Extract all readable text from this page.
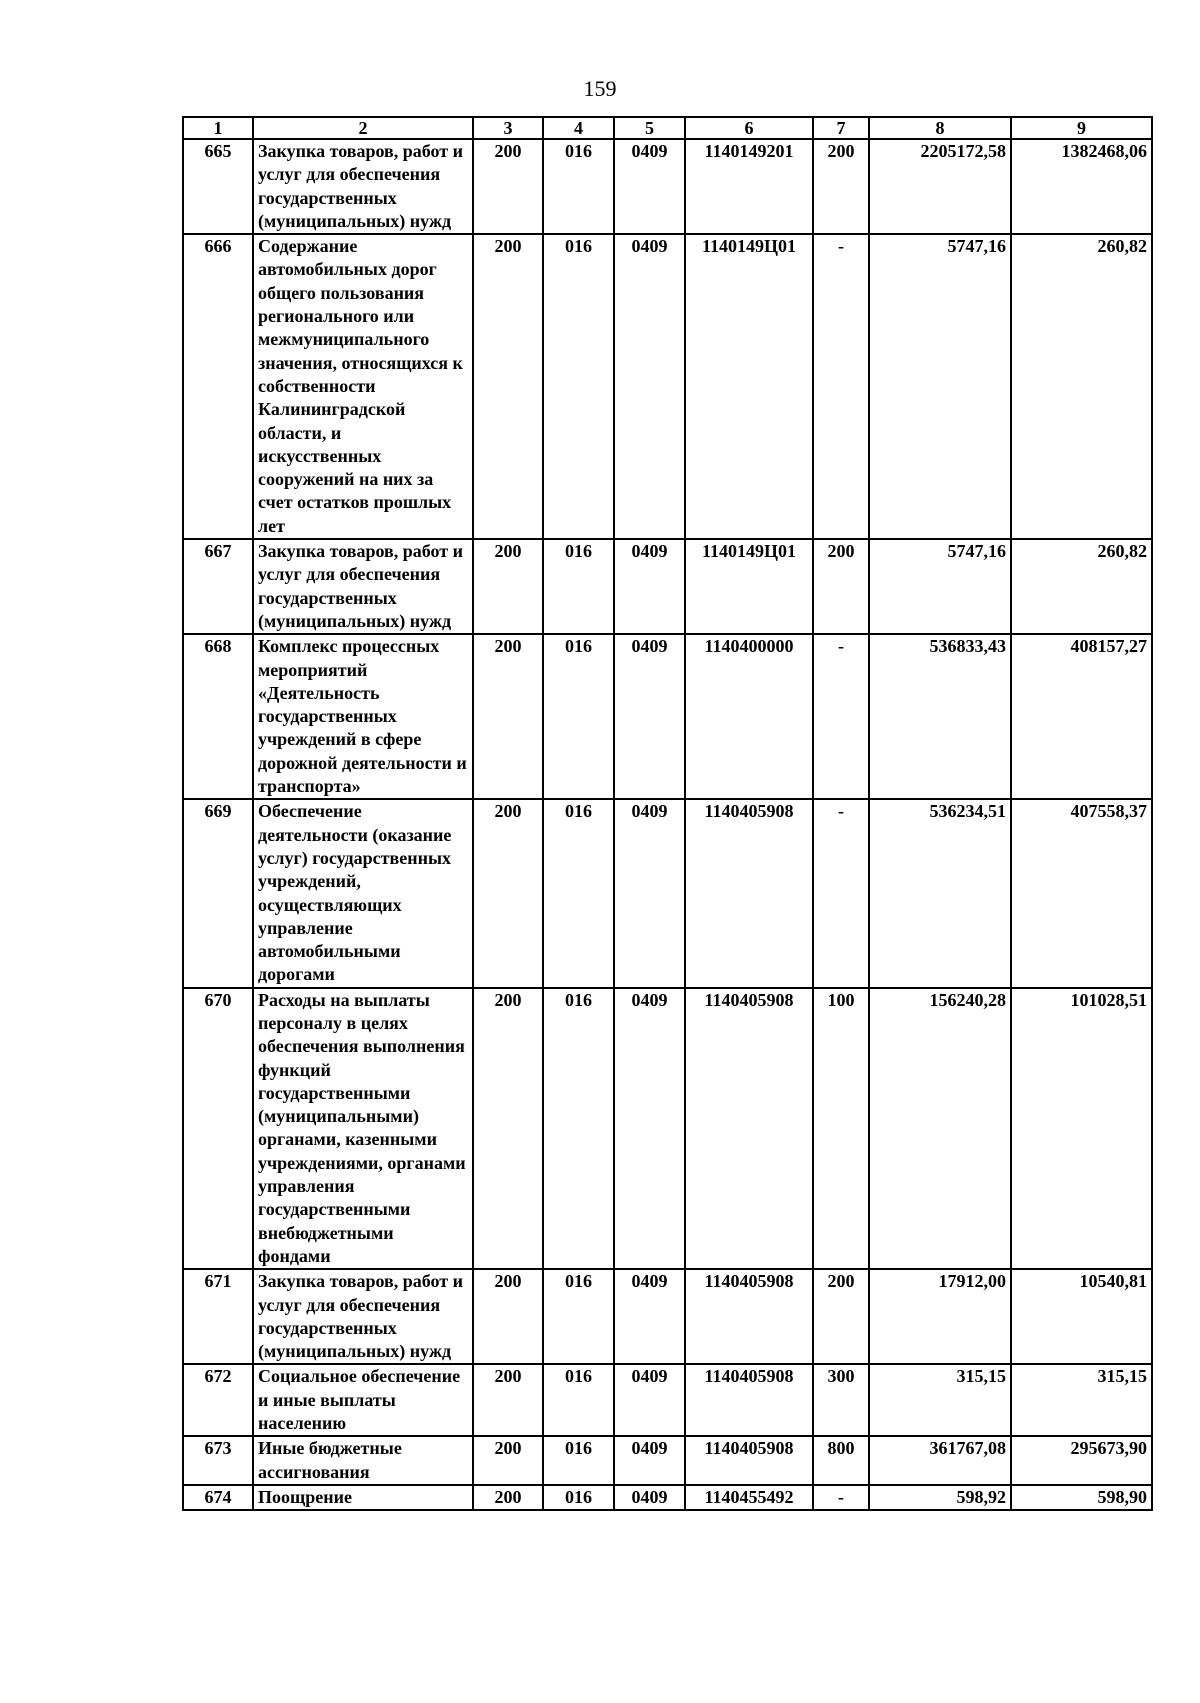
159
1	2	3	4	5	6	7	8	9
665	Закупка товаров, работ и услуг для обеспечения государственных (муниципальных) нужд	200	016	0409	1140149201	200	2205172,58	1382468,06
666	Содержание автомобильных дорог общего пользования регионального или межмуниципального значения, относящихся к собственности Калининградской области, и искусственных сооружений на них за счет остатков прошлых лет	200	016	0409	1140149Ц01	-	5747,16	260,82
667	Закупка товаров, работ и услуг для обеспечения государственных (муниципальных) нужд	200	016	0409	1140149Ц01	200	5747,16	260,82
668	Комплекс процессных мероприятий «Деятельность государственных учреждений в сфере дорожной деятельности и транспорта»	200	016	0409	1140400000	-	536833,43	408157,27
669	Обеспечение деятельности (оказание услуг) государственных учреждений, осуществляющих управление автомобильными дорогами	200	016	0409	1140405908	-	536234,51	407558,37
670	Расходы на выплаты персоналу в целях обеспечения выполнения функций государственными (муниципальными) органами, казенными учреждениями, органами управления государственными внебюджетными фондами	200	016	0409	1140405908	100	156240,28	101028,51
671	Закупка товаров, работ и услуг для обеспечения государственных (муниципальных) нужд	200	016	0409	1140405908	200	17912,00	10540,81
672	Социальное обеспечение и иные выплаты населению	200	016	0409	1140405908	300	315,15	315,15
673	Иные бюджетные ассигнования	200	016	0409	1140405908	800	361767,08	295673,90
674	Поощрение	200	016	0409	1140455492	-	598,92	598,90
